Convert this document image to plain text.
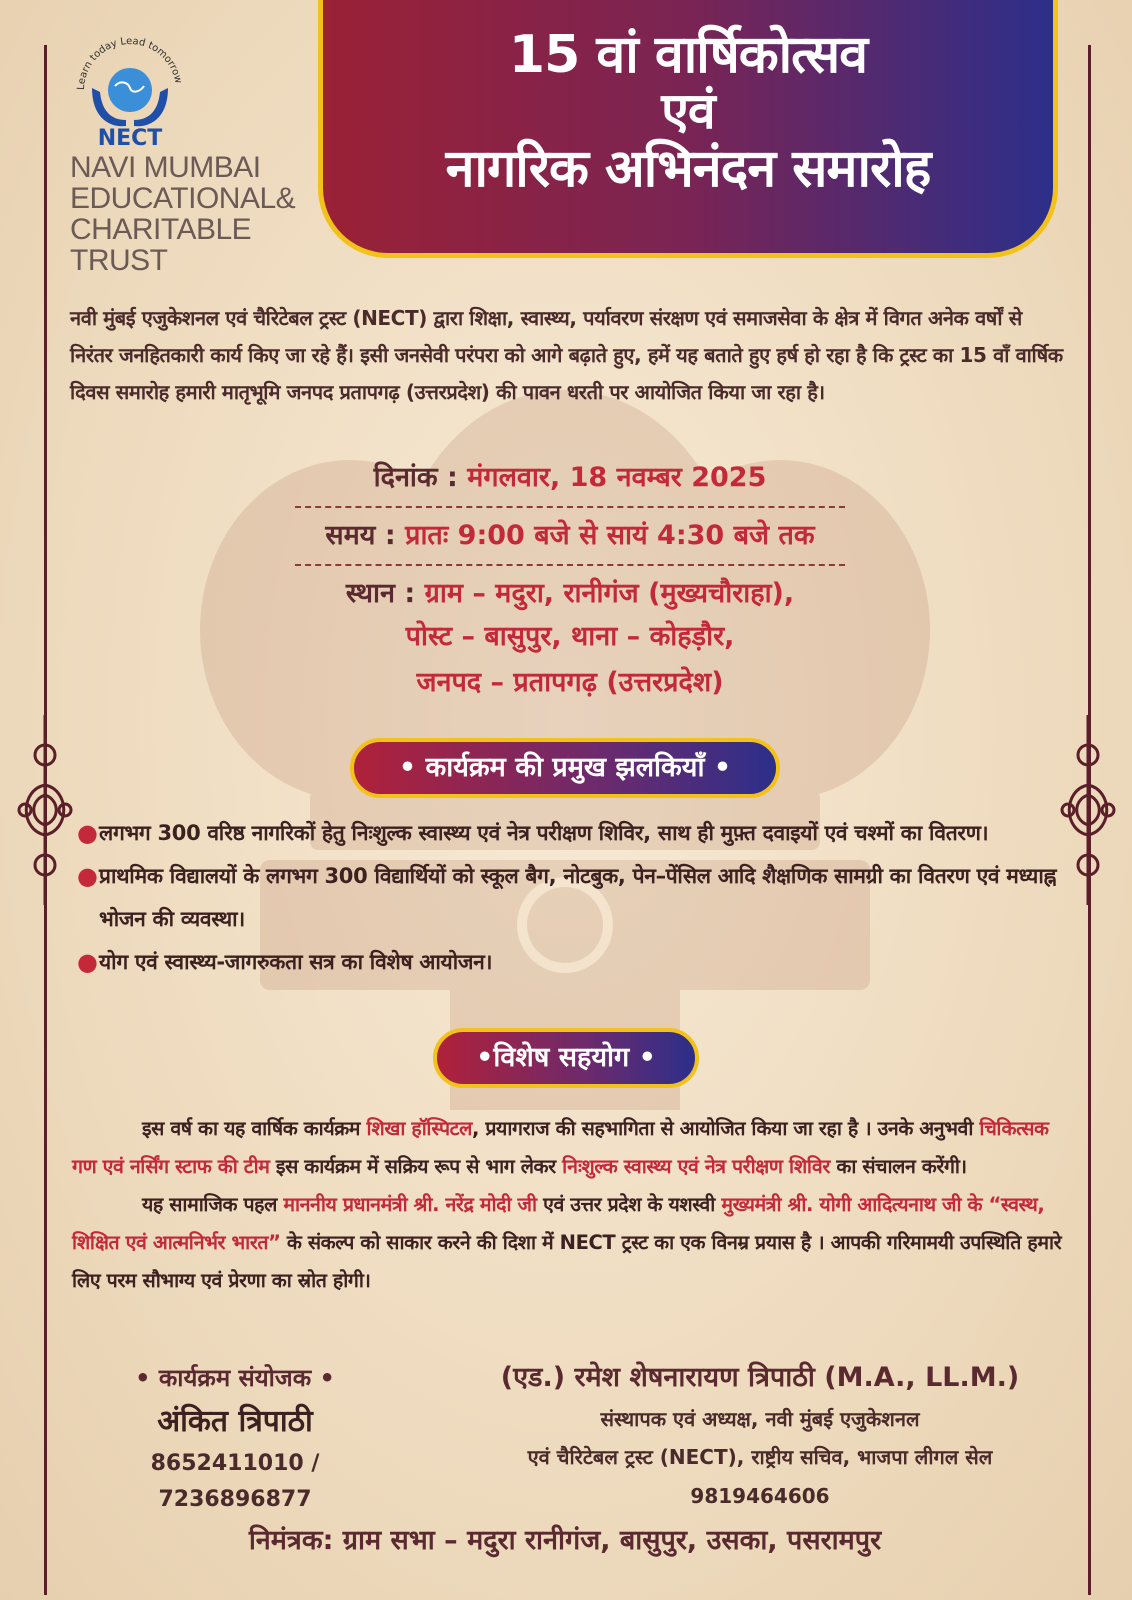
Learn today Lead tomorrow
NECT
NAVI MUMBAI
EDUCATIONAL&
CHARITABLE
TRUST
15 वां वार्षिकोत्सव
एवं
नागरिक अभिनंदन समारोह
नवी मुंबई एजुकेशनल एवं चैरिटेबल ट्रस्ट (NECT) द्वारा शिक्षा, स्वास्थ्य, पर्यावरण संरक्षण एवं समाजसेवा के क्षेत्र में विगत अनेक वर्षों से निरंतर जनहितकारी कार्य किए जा रहे हैं। इसी जनसेवी परंपरा को आगे बढ़ाते हुए, हमें यह बताते हुए हर्ष हो रहा है कि ट्रस्ट का 15 वाँ वार्षिक दिवस समारोह हमारी मातृभूमि जनपद प्रतापगढ़ (उत्तरप्रदेश) की पावन धरती पर आयोजित किया जा रहा है।
दिनांक : मंगलवार, 18 नवम्बर 2025
समय : प्रातः 9:00 बजे से सायं 4:30 बजे तक
स्थान : ग्राम – मदुरा, रानीगंज (मुख्यचौराहा),
पोस्ट – बासुपुर, थाना – कोहड़ौर,
जनपद – प्रतापगढ़ (उत्तरप्रदेश)
• कार्यक्रम की प्रमुख झलकियाँ •
● लगभग 300 वरिष्ठ नागरिकों हेतु निःशुल्क स्वास्थ्य एवं नेत्र परीक्षण शिविर, साथ ही मुफ़्त दवाइयों एवं चश्मों का वितरण।
● प्राथमिक विद्यालयों के लगभग 300 विद्यार्थियों को स्कूल बैग, नोटबुक, पेन–पेंसिल आदि शैक्षणिक सामग्री का वितरण एवं मध्याह्न भोजन की व्यवस्था।
● योग एवं स्वास्थ्य-जागरुकता सत्र का विशेष आयोजन।
•विशेष सहयोग •

इस वर्ष का यह वार्षिक कार्यक्रम शिखा हॉस्पिटल, प्रयागराज की सहभागिता से आयोजित किया जा रहा है । उनके अनुभवी चिकित्सक गण एवं नर्सिंग स्टाफ की टीम इस कार्यक्रम में सक्रिय रूप से भाग लेकर निःशुल्क स्वास्थ्य एवं नेत्र परीक्षण शिविर का संचालन करेंगी।

यह सामाजिक पहल माननीय प्रधानमंत्री श्री. नरेंद्र मोदी जी एवं उत्तर प्रदेश के यशस्वी मुख्यमंत्री श्री. योगी आदित्यनाथ जी के “स्वस्थ, शिक्षित एवं आत्मनिर्भर भारत” के संकल्प को साकार करने की दिशा में NECT ट्रस्ट का एक विनम्र प्रयास है । आपकी गरिमामयी उपस्थिति हमारे लिए परम सौभाग्य एवं प्रेरणा का स्रोत होगी।

• कार्यक्रम संयोजक •
अंकित त्रिपाठी
8652411010 / 7236896877
(एड.) रमेश शेषनारायण त्रिपाठी (M.A., LL.M.)
संस्थापक एवं अध्यक्ष, नवी मुंबई एजुकेशनल
एवं चैरिटेबल ट्रस्ट (NECT), राष्ट्रीय सचिव, भाजपा लीगल सेल
9819464606
निमंत्रक: ग्राम सभा – मदुरा रानीगंज, बासुपुर, उसका, पसरामपुर
